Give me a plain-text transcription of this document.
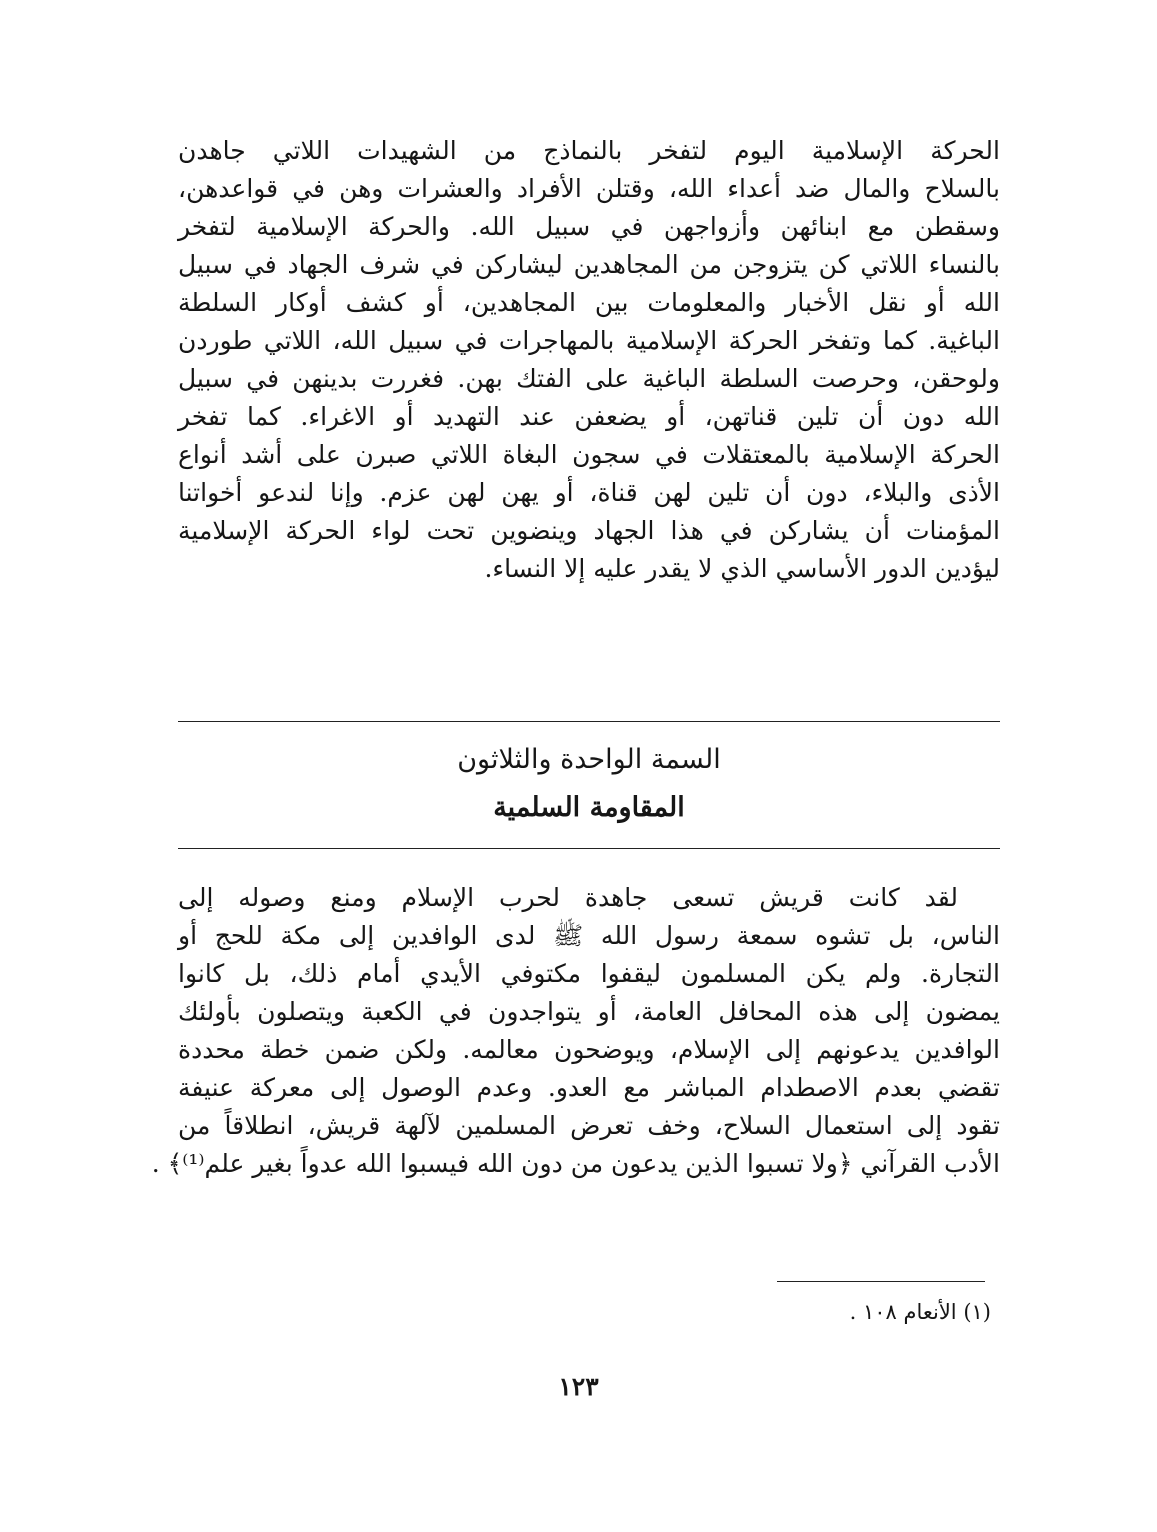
الحركة الإسلامية اليوم لتفخر بالنماذج من الشهيدات اللاتي جاهدن
بالسلاح والمال ضد أعداء الله، وقتلن الأفراد والعشرات وهن في قواعدهن،
وسقطن مع ابنائهن وأزواجهن في سبيل الله. والحركة الإسلامية لتفخر
بالنساء اللاتي كن يتزوجن من المجاهدين ليشاركن في شرف الجهاد في سبيل
الله أو نقل الأخبار والمعلومات بين المجاهدين، أو كشف أوكار السلطة
الباغية. كما وتفخر الحركة الإسلامية بالمهاجرات في سبيل الله، اللاتي طوردن
ولوحقن، وحرصت السلطة الباغية على الفتك بهن. فغررت بدينهن في سبيل
الله دون أن تلين قناتهن، أو يضعفن عند التهديد أو الاغراء. كما تفخر
الحركة الإسلامية بالمعتقلات في سجون البغاة اللاتي صبرن على أشد أنواع
الأذى والبلاء، دون أن تلين لهن قناة، أو يهن لهن عزم. وإنا لندعو أخواتنا
المؤمنات أن يشاركن في هذا الجهاد وينضوين تحت لواء الحركة الإسلامية
ليؤدين الدور الأساسي الذي لا يقدر عليه إلا النساء.
السمة الواحدة والثلاثون
المقاومة السلمية
لقد كانت قريش تسعى جاهدة لحرب الإسلام ومنع وصوله إلى
الناس، بل تشوه سمعة رسول الله ﷺ لدى الوافدين إلى مكة للحج أو
التجارة. ولم يكن المسلمون ليقفوا مكتوفي الأيدي أمام ذلك، بل كانوا
يمضون إلى هذه المحافل العامة، أو يتواجدون في الكعبة ويتصلون بأولئك
الوافدين يدعونهم إلى الإسلام، ويوضحون معالمه. ولكن ضمن خطة محددة
تقضي بعدم الاصطدام المباشر مع العدو. وعدم الوصول إلى معركة عنيفة
تقود إلى استعمال السلاح، وخف تعرض المسلمين لآلهة قريش، انطلاقاً من
الأدب القرآني ﴿ولا تسبوا الذين يدعون من دون الله فيسبوا الله عدواً بغير علم⁽¹⁾﴾ .
(١) الأنعام ١٠٨ .
١٢٣
